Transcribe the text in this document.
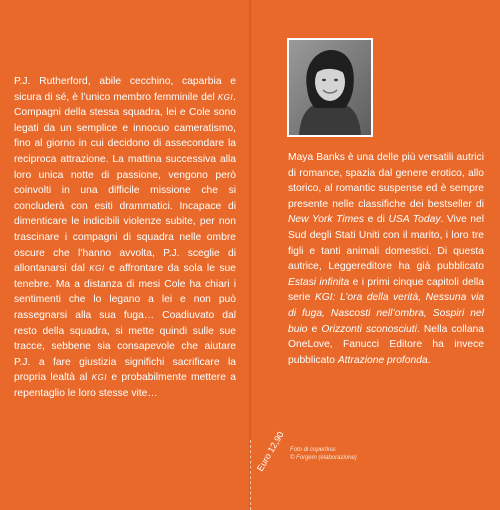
P.J. Rutherford, abile cecchino, caparbia e sicura di sé, è l’unico membro femminile del KGI. Compagni della stessa squadra, lei e Cole sono legati da un semplice e innocuo cameratismo, fino al giorno in cui decidono di assecondare la reciproca attrazione. La mattina successiva alla loro unica notte di passione, vengono però coinvolti in una difficile missione che si concluderà con esiti drammatici. Incapace di dimenticare le indicibili violenze subite, per non trascinare i compagni di squadra nelle ombre oscure che l’hanno avvolta, P.J. sceglie di allontanarsi dal KGI e affrontare da sola le sue tenebre. Ma a distanza di mesi Cole ha chiari i sentimenti che lo legano a lei e non può rassegnarsi alla sua fuga… Coadiuvato dal resto della squadra, si mette quindi sulle sue tracce, sebbene sia consapevole che aiutare P.J. a fare giustizia significhi sacrificare la propria lealtà al KGI e probabilmente mettere a repentaglio le loro stesse vite…

Maya Banks è una delle più versatili autrici di romance, spazia dal genere erotico, allo storico, al romantic suspense ed è sempre presente nelle classifiche dei bestseller di New York Times e di USA Today. Vive nel Sud degli Stati Uniti con il marito, i loro tre figli e tanti animali domestici. Di questa autrice, Leggereditore ha già pubblicato Estasi infinita e i primi cinque capitoli della serie KGI: L’ora della verità, Nessuna via di fuga, Nascosti nell’ombra, Sospiri nel buio e Orizzonti sconosciuti. Nella collana OneLove, Fanucci Editore ha invece pubblicato Attrazione profonda.

Foto di copertina:
© Forgem (elaborazione)
Euro 12,90
